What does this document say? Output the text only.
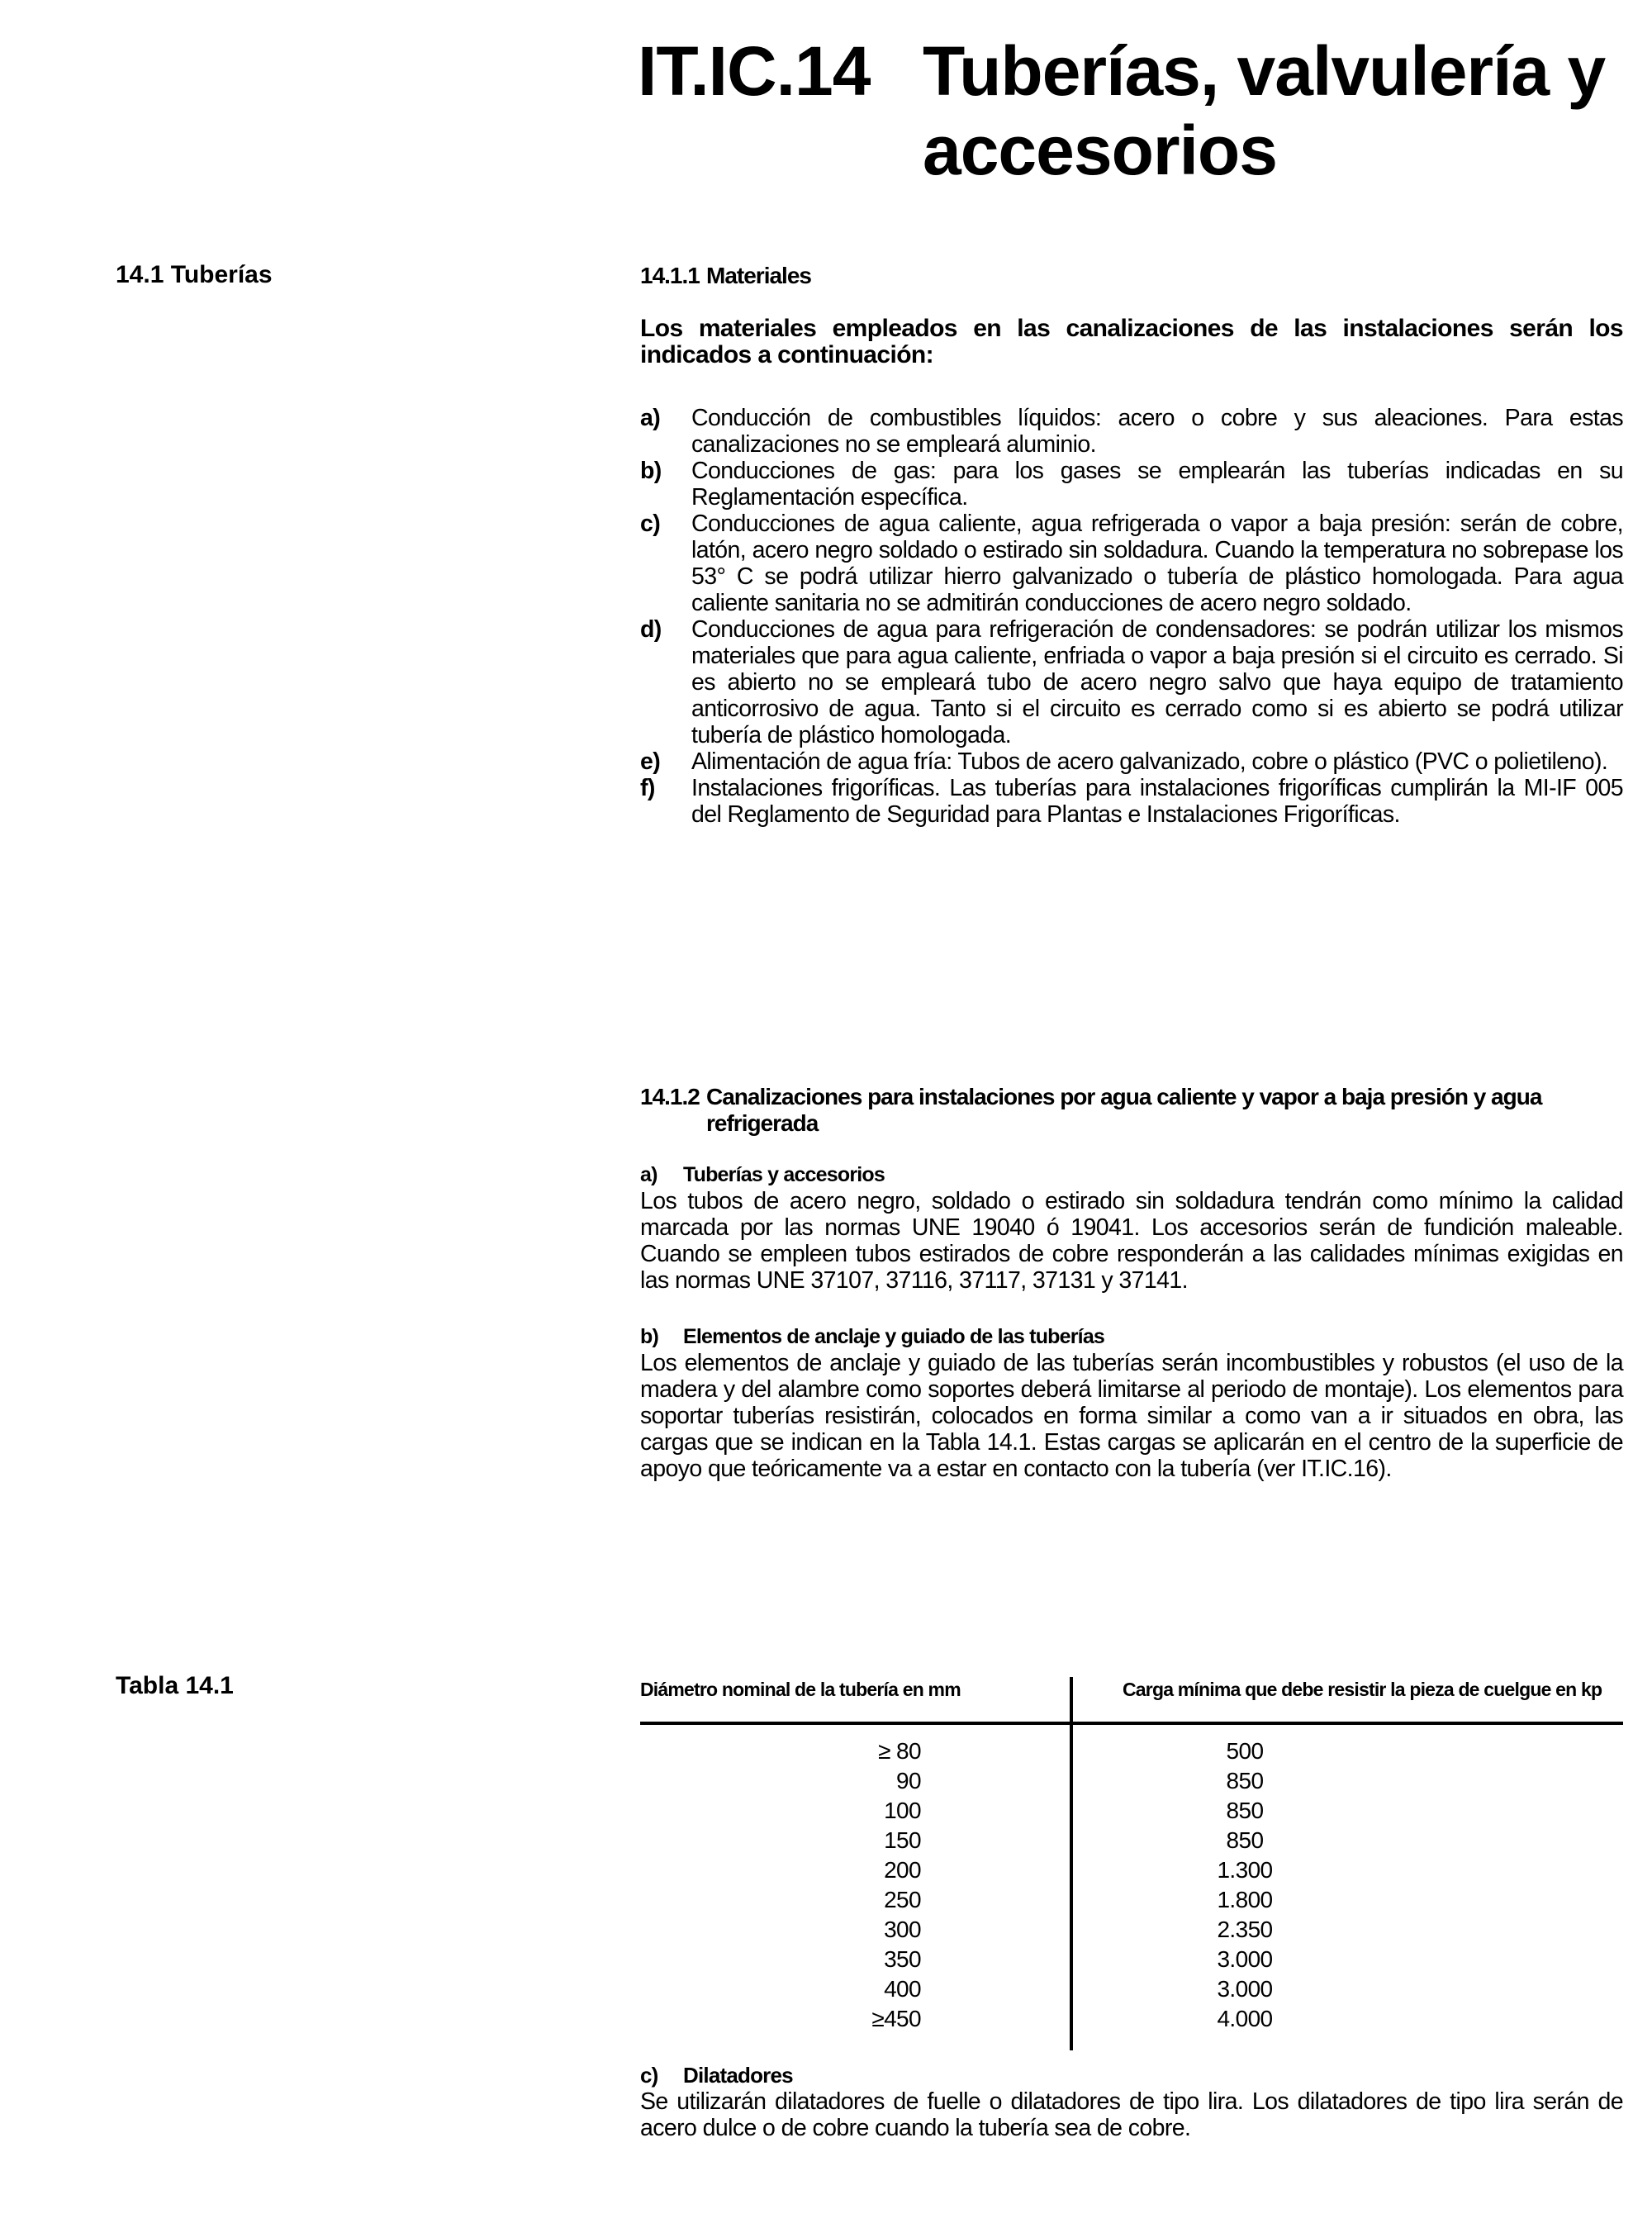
IT.IC.14 Tuberías, valvulería y
accesorios
14.1 Tuberías	14.1.1 Materiales

Los materiales empleados en las canalizaciones de las instalaciones serán los indicados a continuación:

a)	Conducción de combustibles líquidos: acero o cobre y sus aleaciones. Para estas canalizaciones no se empleará aluminio.
b)	Conducciones de gas: para los gases se emplearán las tuberías indicadas en su Reglamentación específica.
c)	Conducciones de agua caliente, agua refrigerada o vapor a baja presión: serán de cobre, latón, acero negro soldado o estirado sin soldadura. Cuando la temperatura no sobrepase los 53° C se podrá utilizar hierro galvanizado o tubería de plástico homologada. Para agua caliente sanitaria no se admitirán conducciones de acero negro soldado.
d)	Conducciones de agua para refrigeración de condensadores: se podrán utilizar los mismos materiales que para agua caliente, enfriada o vapor a baja presión si el circuito es cerrado. Si es abierto no se empleará tubo de acero negro salvo que haya equipo de tratamiento anticorrosivo de agua. Tanto si el circuito es cerrado como si es abierto se podrá utilizar tubería de plástico homologada.
e)	Alimentación de agua fría: Tubos de acero galvanizado, cobre o plástico (PVC o polietileno).
f)	Instalaciones frigoríficas. Las tuberías para instalaciones frigoríficas cumplirán la MI-IF 005 del Reglamento de Seguridad para Plantas e Instalaciones Frigoríficas.
14.1.2 Canalizaciones para instalaciones por agua caliente y vapor a baja presión y agua refrigerada
a) Tuberías y accesorios

Los tubos de acero negro, soldado o estirado sin soldadura tendrán como mínimo la calidad marcada por las normas UNE 19040 ó 19041. Los accesorios serán de fundición maleable. Cuando se empleen tubos estirados de cobre responderán a las calidades mínimas exigidas en las normas UNE 37107, 37116, 37117, 37131 y 37141.

b) Elementos de anclaje y guiado de las tuberías

Los elementos de anclaje y guiado de las tuberías serán incombustibles y robustos (el uso de la madera y del alambre como soportes deberá limitarse al periodo de montaje). Los elementos para soportar tuberías resistirán, colocados en forma similar a como van a ir situados en obra, las cargas que se indican en la Tabla 14.1. Estas cargas se aplicarán en el centro de la superficie de apoyo que teóricamente va a estar en contacto con la tubería (ver IT.IC.16).

Tabla 14.1	Diámetro nominal de la tubería en mm	Carga mínima que debe resistir la pieza de cuelgue en kp
≥ 80	500
90	850
100	850
150	850
200	1.300
250	1.800
300	2.350
350	3.000
400	3.000
≥450	4.000
c) Dilatadores

Se utilizarán dilatadores de fuelle o dilatadores de tipo lira. Los dilatadores de tipo lira serán de acero dulce o de cobre cuando la tubería sea de cobre.
